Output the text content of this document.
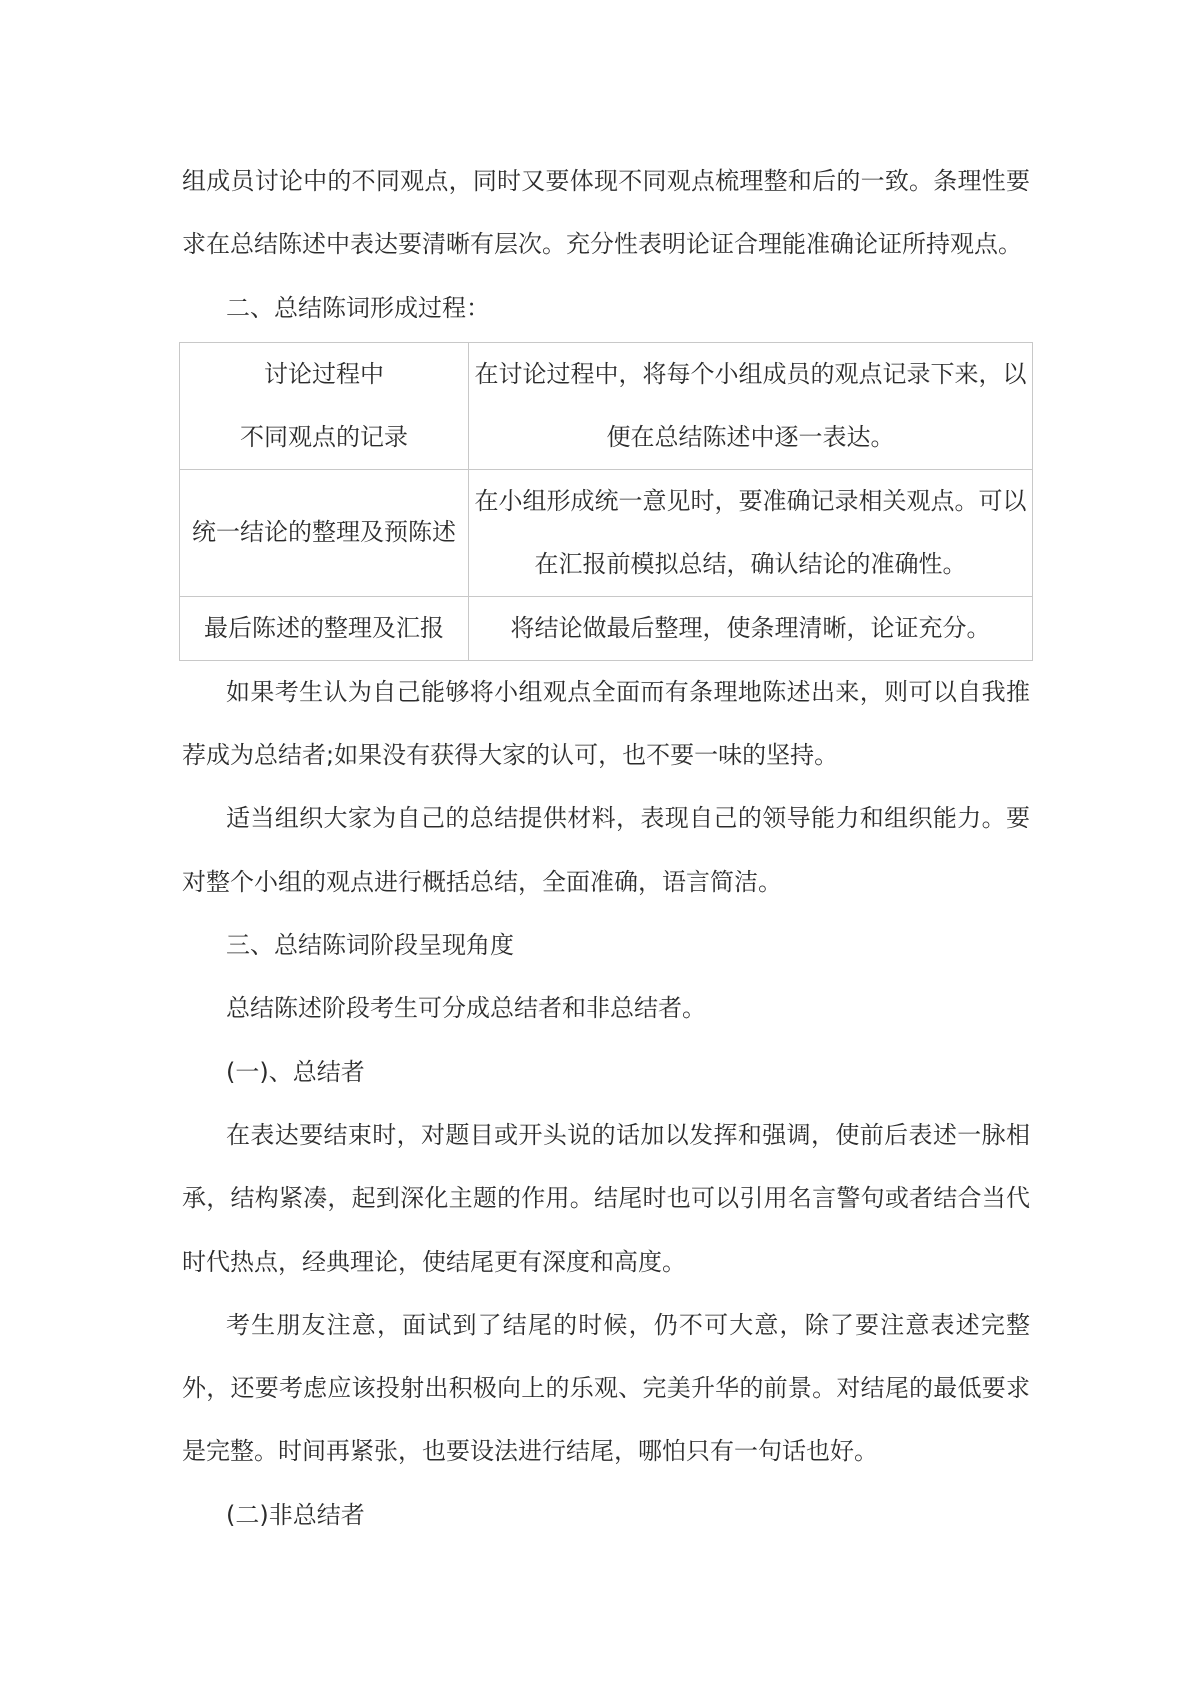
组成员讨论中的不同观点，同时又要体现不同观点梳理整和后的一致。条理性要求在总结陈述中表达要清晰有层次。充分性表明论证合理能准确论证所持观点。

二、总结陈词形成过程：

讨论过程中
不同观点的记录	在讨论过程中，将每个小组成员的观点记录下来，以
便在总结陈述中逐一表达。

统一结论的整理及预陈述	在小组形成统一意见时，要准确记录相关观点。可以
在汇报前模拟总结，确认结论的准确性。

最后陈述的整理及汇报	将结论做最后整理，使条理清晰，论证充分。

如果考生认为自己能够将小组观点全面而有条理地陈述出来，则可以自我推荐成为总结者;如果没有获得大家的认可，也不要一味的坚持。

适当组织大家为自己的总结提供材料，表现自己的领导能力和组织能力。要对整个小组的观点进行概括总结，全面准确，语言简洁。

三、总结陈词阶段呈现角度

总结陈述阶段考生可分成总结者和非总结者。

(一)、总结者

在表达要结束时，对题目或开头说的话加以发挥和强调，使前后表述一脉相承，结构紧凑，起到深化主题的作用。结尾时也可以引用名言警句或者结合当代时代热点，经典理论，使结尾更有深度和高度。

考生朋友注意，面试到了结尾的时候，仍不可大意，除了要注意表述完整外，还要考虑应该投射出积极向上的乐观、完美升华的前景。对结尾的最低要求是完整。时间再紧张，也要设法进行结尾，哪怕只有一句话也好。

(二)非总结者
